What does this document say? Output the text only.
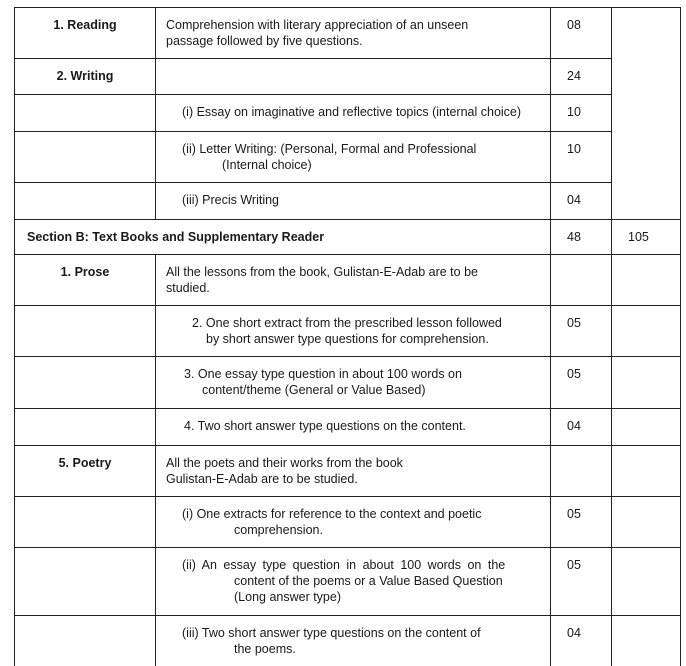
1. Reading	Comprehension with literary appreciation of an unseen
passage followed by five questions.	08	
2. Writing		24	
	(i) Essay on imaginative and reflective topics (internal choice)	10	

	(ii) Letter Writing: (Personal, Formal and Professional
(Internal choice)	10	
	(iii) Precis Writing	04	
Section B: Text Books and Supplementary Reader		48	105
1. Prose	All the lessons from the book, Gulistan-E-Adab are to be
studied.		

	2. One short extract from the prescribed lesson followed
by short answer type questions for comprehension.	05	

	3. One essay type question in about 100 words on
content/theme (General or Value Based)	05	
	4. Two short answer type questions on the content.	04	
5. Poetry	All the poets and their works from the book
Gulistan-E-Adab are to be studied.		

	(i) One extracts for reference to the context and poetic
comprehension.	05	

	(ii) An essay type question in about 100 words on the
content of the poems or a Value Based Question
(Long answer type)	05	

	(iii) Two short answer type questions on the content of
the poems.	04	
